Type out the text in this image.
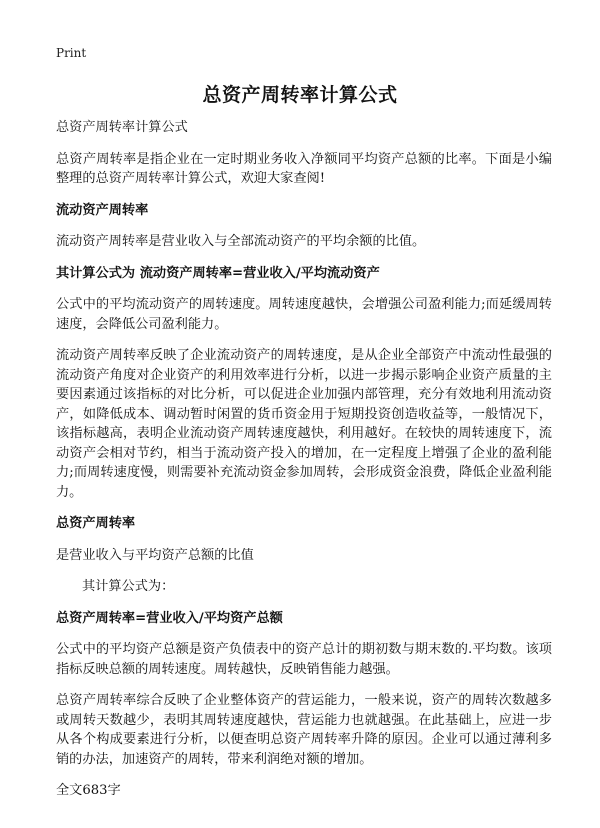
Print
总资产周转率计算公式

总资产周转率计算公式

总资产周转率是指企业在一定时期业务收入净额同平均资产总额的比率。下面是小编整理的总资产周转率计算公式，欢迎大家查阅!

流动资产周转率

流动资产周转率是营业收入与全部流动资产的平均余额的比值。

其计算公式为 流动资产周转率=营业收入/平均流动资产

公式中的平均流动资产的周转速度。周转速度越快，会增强公司盈利能力;而延缓周转速度，会降低公司盈利能力。

流动资产周转率反映了企业流动资产的周转速度，是从企业全部资产中流动性最强的流动资产角度对企业资产的利用效率进行分析，以进一步揭示影响企业资产质量的主要因素通过该指标的对比分析，可以促进企业加强内部管理，充分有效地利用流动资产，如降低成本、调动暂时闲置的货币资金用于短期投资创造收益等，一般情况下，该指标越高，表明企业流动资产周转速度越快，利用越好。在较快的周转速度下，流动资产会相对节约，相当于流动资产投入的增加，在一定程度上增强了企业的盈利能力;而周转速度慢，则需要补充流动资金参加周转，会形成资金浪费，降低企业盈利能力。

总资产周转率

是营业收入与平均资产总额的比值

其计算公式为：

总资产周转率=营业收入/平均资产总额

公式中的平均资产总额是资产负债表中的资产总计的期初数与期末数的.平均数。该项指标反映总额的周转速度。周转越快，反映销售能力越强。

总资产周转率综合反映了企业整体资产的营运能力，一般来说，资产的周转次数越多或周转天数越少，表明其周转速度越快，营运能力也就越强。在此基础上，应进一步从各个构成要素进行分析，以便查明总资产周转率升降的原因。企业可以通过薄利多销的办法，加速资产的周转，带来利润绝对额的增加。

全文683字
